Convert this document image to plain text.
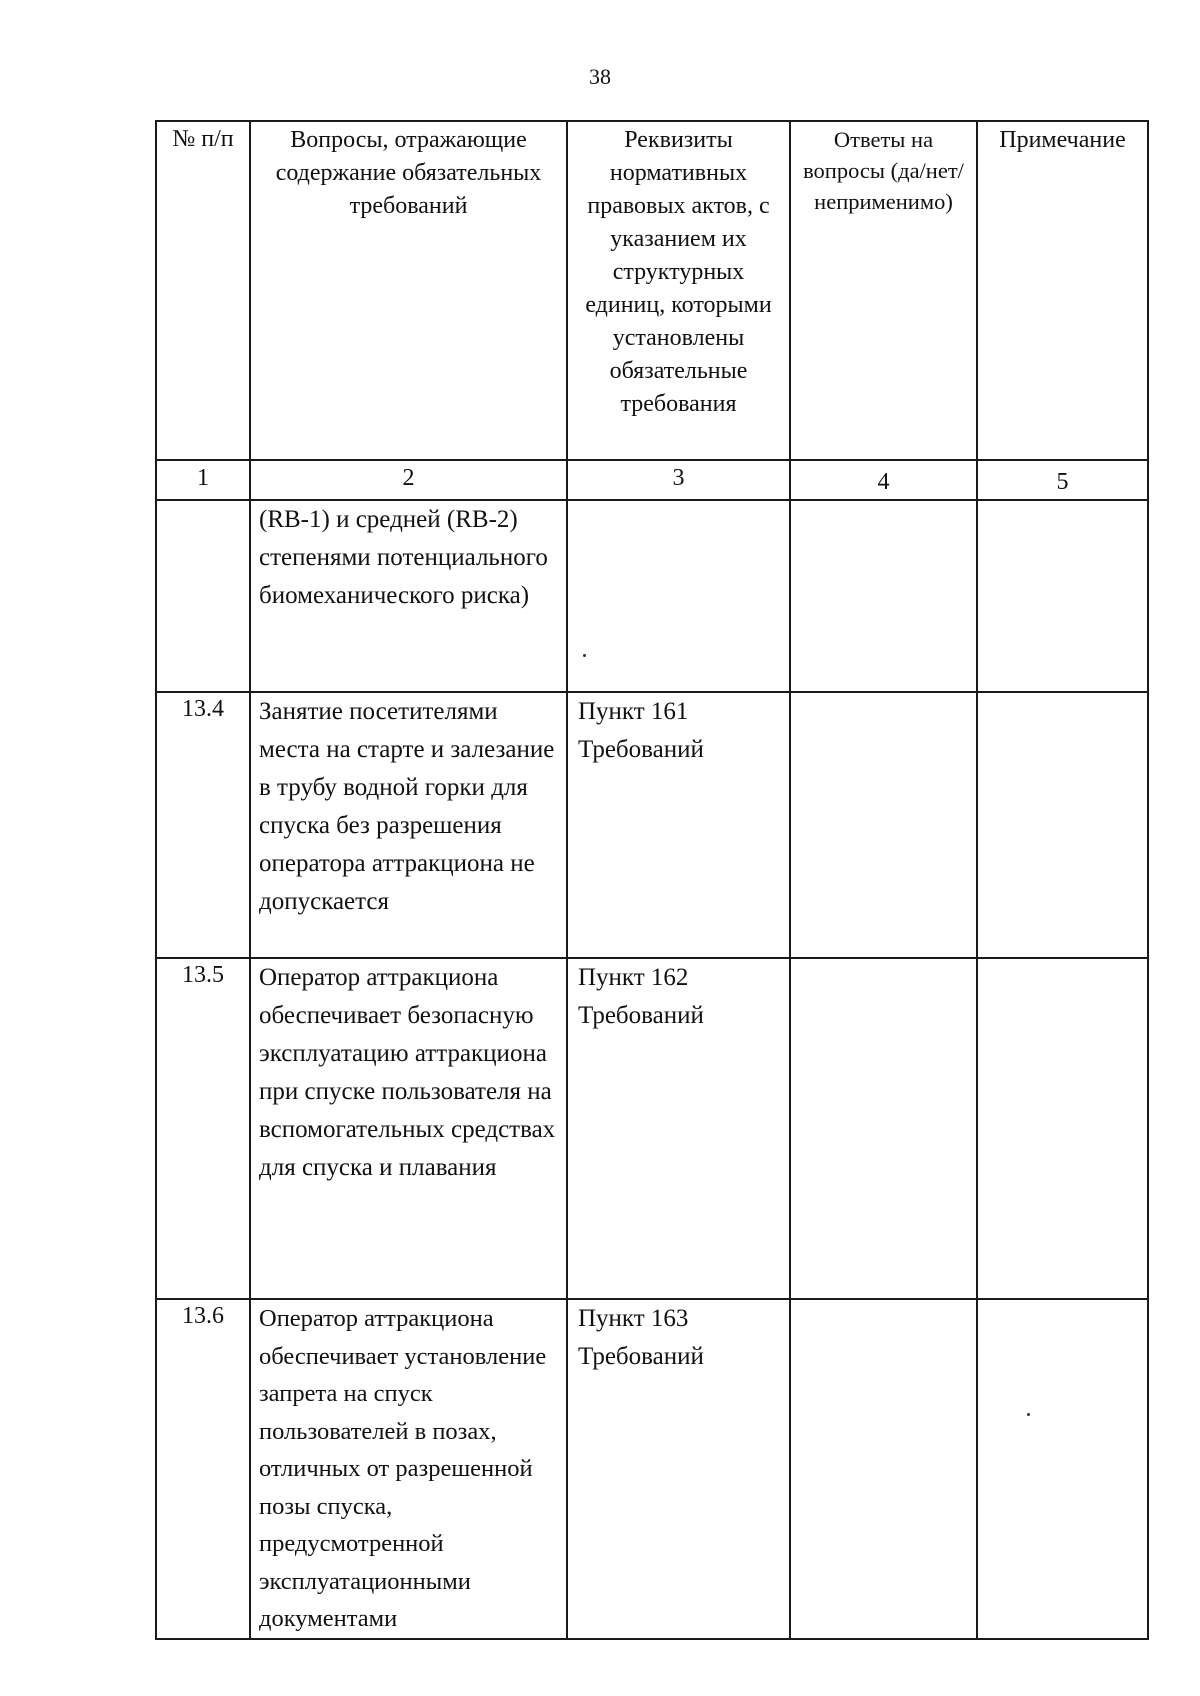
38
№ п/п	Вопросы, отражающие содержание обязательных требований	Реквизиты нормативных правовых актов, с указанием их структурных единиц, которыми установлены обязательные требования	Ответы на вопросы (да/нет/ неприменимо)	Примечание
1	2	3	4	5
	(RB-1) и средней (RB-2) степенями потенциального биомеханического риска)			
13.4	Занятие посетителями места на старте и залезание в трубу водной горки для спуска без разрешения оператора аттракциона не допускается	Пункт 161 Требований		
13.5	Оператор аттракциона обеспечивает безопасную эксплуатацию аттракциона при спуске пользователя на вспомогательных средствах для спуска и плавания	Пункт 162 Требований		
13.6	Оператор аттракциона обеспечивает установление запрета на спуск пользователей в позах, отличных от разрешенной позы спуска, предусмотренной эксплуатационными документами	Пункт 163 Требований		
